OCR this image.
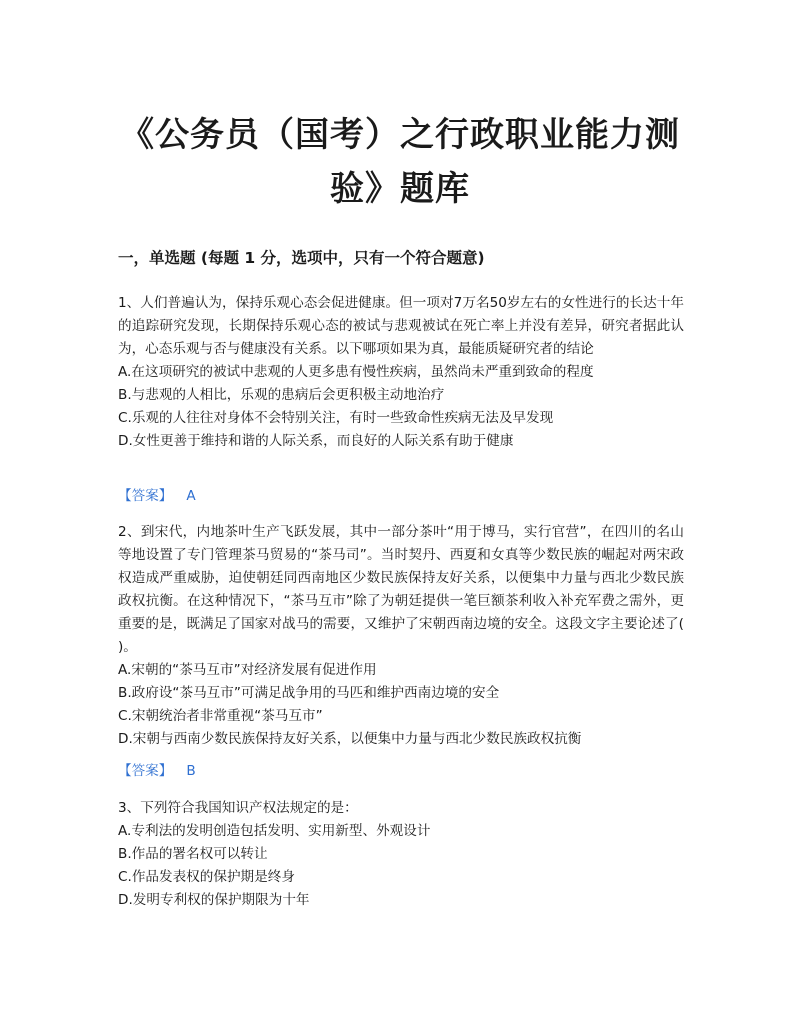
《公务员（国考）之行政职业能力测
验》题库
一，单选题 (每题 1 分，选项中，只有一个符合题意)

1、人们普遍认为，保持乐观心态会促进健康。但一项对7万名50岁左右的女性进行的长达十年的追踪研究发现，长期保持乐观心态的被试与悲观被试在死亡率上并没有差异，研究者据此认为，心态乐观与否与健康没有关系。以下哪项如果为真，最能质疑研究者的结论

A.在这项研究的被试中悲观的人更多患有慢性疾病，虽然尚未严重到致命的程度

B.与悲观的人相比，乐观的患病后会更积极主动地治疗

C.乐观的人往往对身体不会特别关注，有时一些致命性疾病无法及早发现

D.女性更善于维持和谐的人际关系，而良好的人际关系有助于健康

【答案】 A

2、到宋代，内地茶叶生产飞跃发展，其中一部分茶叶“用于博马，实行官营”，在四川的名山等地设置了专门管理茶马贸易的“茶马司”。当时契丹、西夏和女真等少数民族的崛起对两宋政权造成严重威胁，迫使朝廷同西南地区少数民族保持友好关系，以便集中力量与西北少数民族政权抗衡。在这种情况下，“茶马互市”除了为朝廷提供一笔巨额茶利收入补充军费之需外，更重要的是，既满足了国家对战马的需要，又维护了宋朝西南边境的安全。这段文字主要论述了( )。

A.宋朝的“茶马互市”对经济发展有促进作用

B.政府设“茶马互市”可满足战争用的马匹和维护西南边境的安全

C.宋朝统治者非常重视“茶马互市”

D.宋朝与西南少数民族保持友好关系，以便集中力量与西北少数民族政权抗衡

【答案】 B

3、下列符合我国知识产权法规定的是：

A.专利法的发明创造包括发明、实用新型、外观设计

B.作品的署名权可以转让

C.作品发表权的保护期是终身

D.发明专利权的保护期限为十年
